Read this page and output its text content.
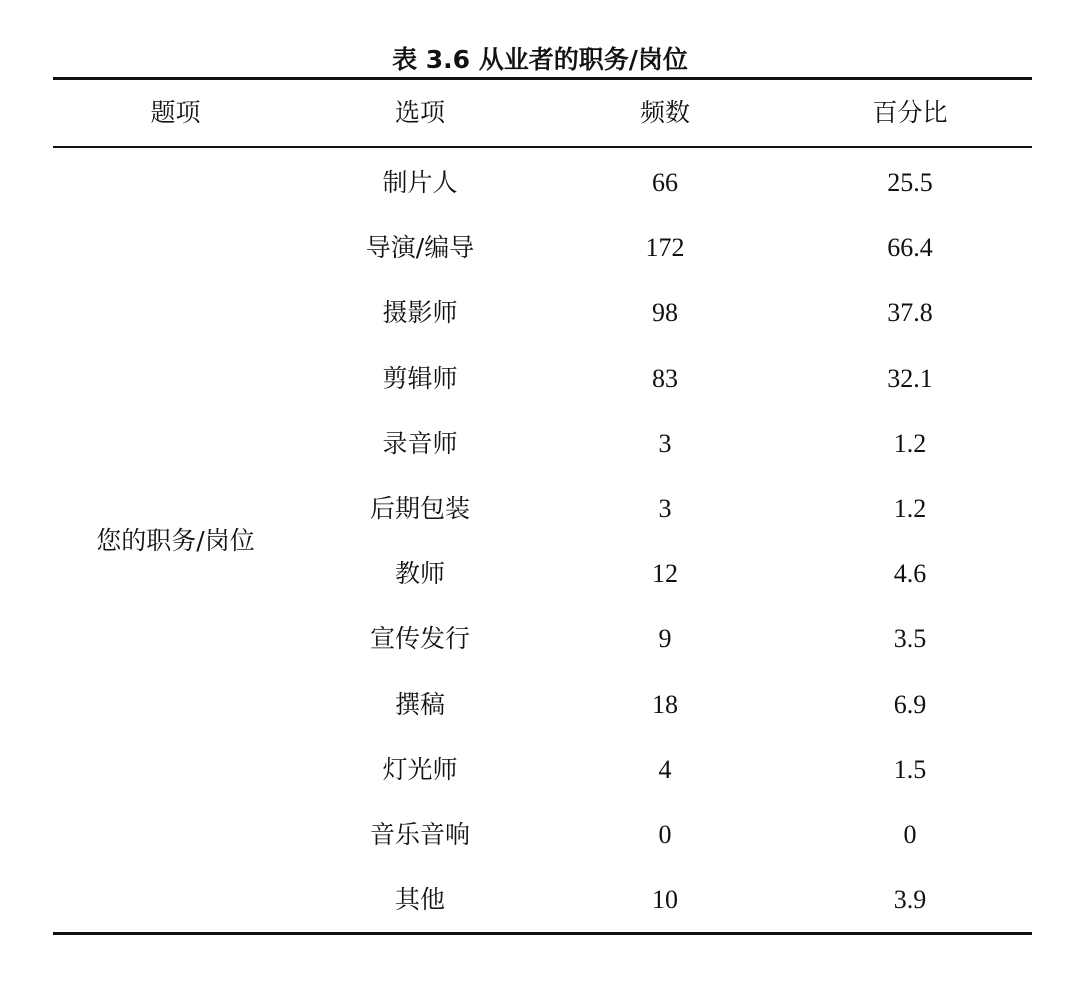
表 3.6 从业者的职务/岗位
题项	选项	频数	百分比
您的职务/岗位
制片人	66	25.5
导演/编导	172	66.4
摄影师	98	37.8
剪辑师	83	32.1
录音师	3	1.2
后期包装	3	1.2
教师	12	4.6
宣传发行	9	3.5
撰稿	18	6.9
灯光师	4	1.5
音乐音响	0	0
其他	10	3.9
